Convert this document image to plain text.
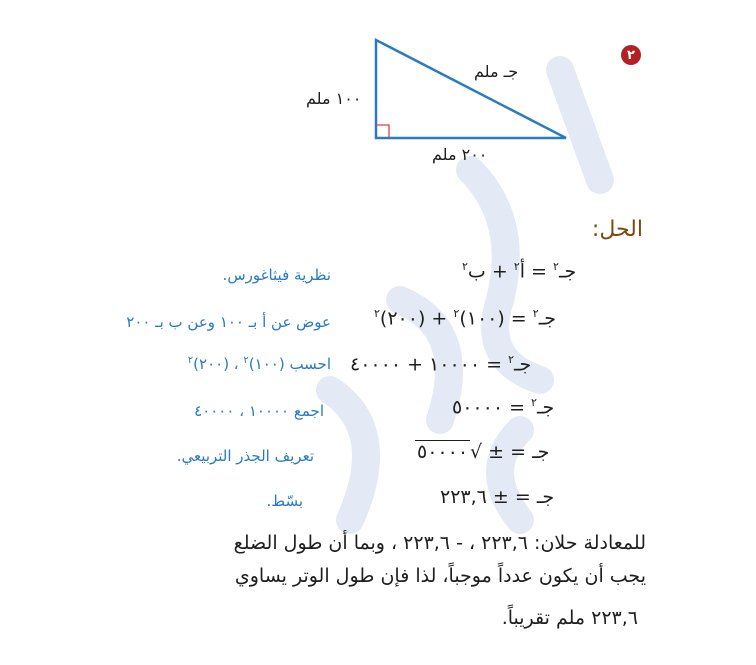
٢
جـ ملم
١٠٠ ملم
٢٠٠ ملم
الحل:
جـ$^٢$ = أ$^٢$ + ب$^٢$
نظرية فيثاغورس.
جـ$^٢$ = (١٠٠)$^٢$ + (٢٠٠)$^٢$
عوض عن أ بـ ١٠٠ وعن ب بـ ٢٠٠
جـ$^٢$ = ١٠٠٠٠ + ٤٠٠٠٠
احسب (١٠٠)$^٢$ ، (٢٠٠)$^٢$
جـ$^٢$ = ٥٠٠٠٠
اجمع ١٠٠٠٠ ، ٤٠٠٠٠
جـ = ± √٥٠٠٠٠
تعريف الجذر التربيعي.
جـ = ± ٢٢٣,٦
بسّط.
للمعادلة حلان: ٢٢٣,٦ ، - ٢٢٣,٦ ، وبما أن طول الضلع
يجب أن يكون عدداً موجباً، لذا فإن طول الوتر يساوي
٢٢٣,٦ ملم تقريباً.
